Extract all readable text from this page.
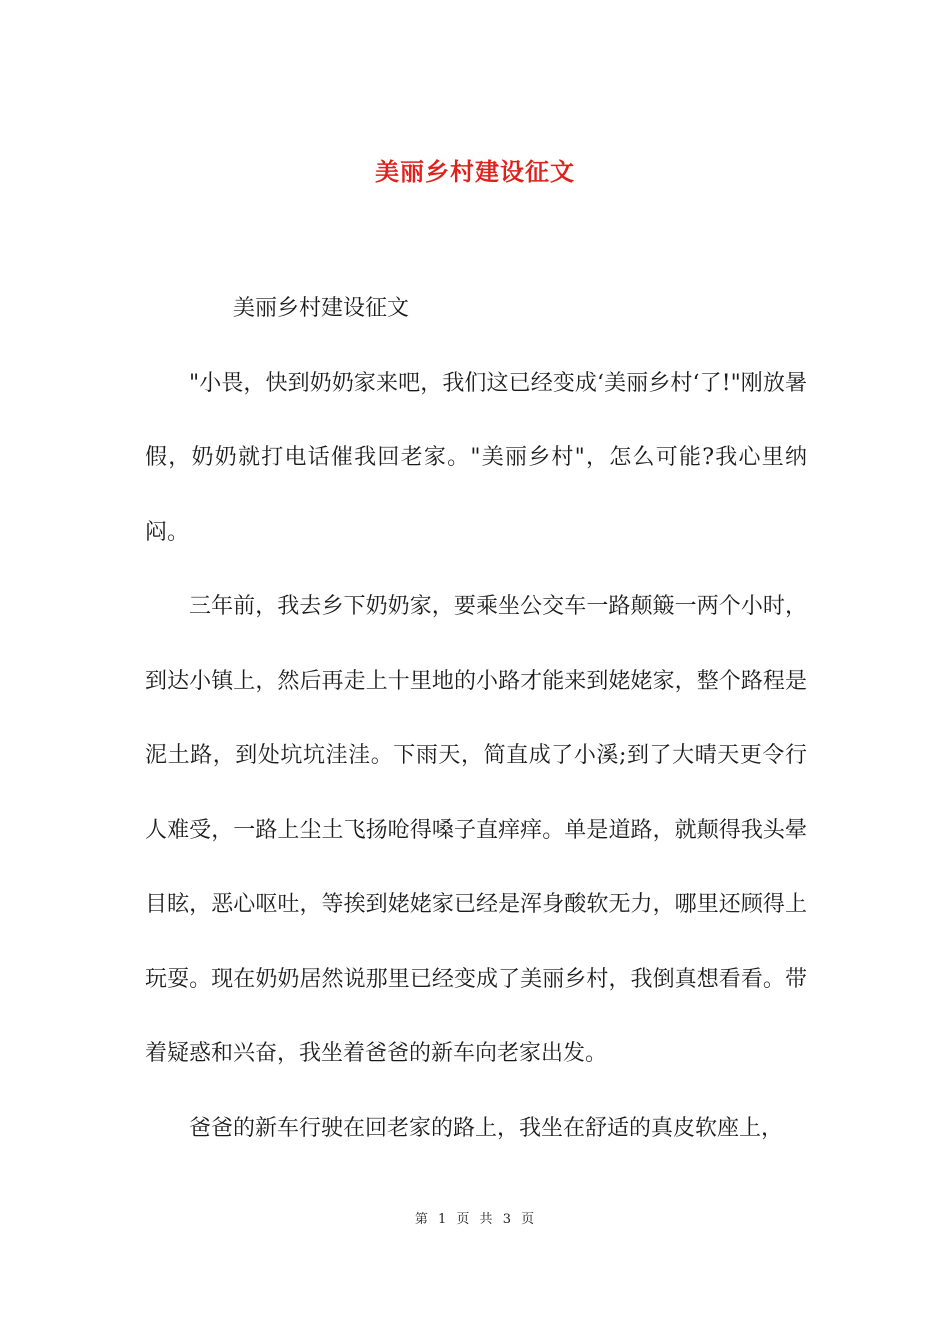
美丽乡村建设征文

美丽乡村建设征文

"小畏，快到奶奶家来吧，我们这已经变成‘美丽乡村‘了!"刚放暑假，奶奶就打电话催我回老家。"美丽乡村"，怎么可能?我心里纳闷。

三年前，我去乡下奶奶家，要乘坐公交车一路颠簸一两个小时，到达小镇上，然后再走上十里地的小路才能来到姥姥家，整个路程是泥土路，到处坑坑洼洼。下雨天，简直成了小溪;到了大晴天更令行人难受，一路上尘土飞扬呛得嗓子直痒痒。单是道路，就颠得我头晕目眩，恶心呕吐，等挨到姥姥家已经是浑身酸软无力，哪里还顾得上玩耍。现在奶奶居然说那里已经变成了美丽乡村，我倒真想看看。带着疑惑和兴奋，我坐着爸爸的新车向老家出发。

爸爸的新车行驶在回老家的路上，我坐在舒适的真皮软座上，

第 1 页 共 3 页
